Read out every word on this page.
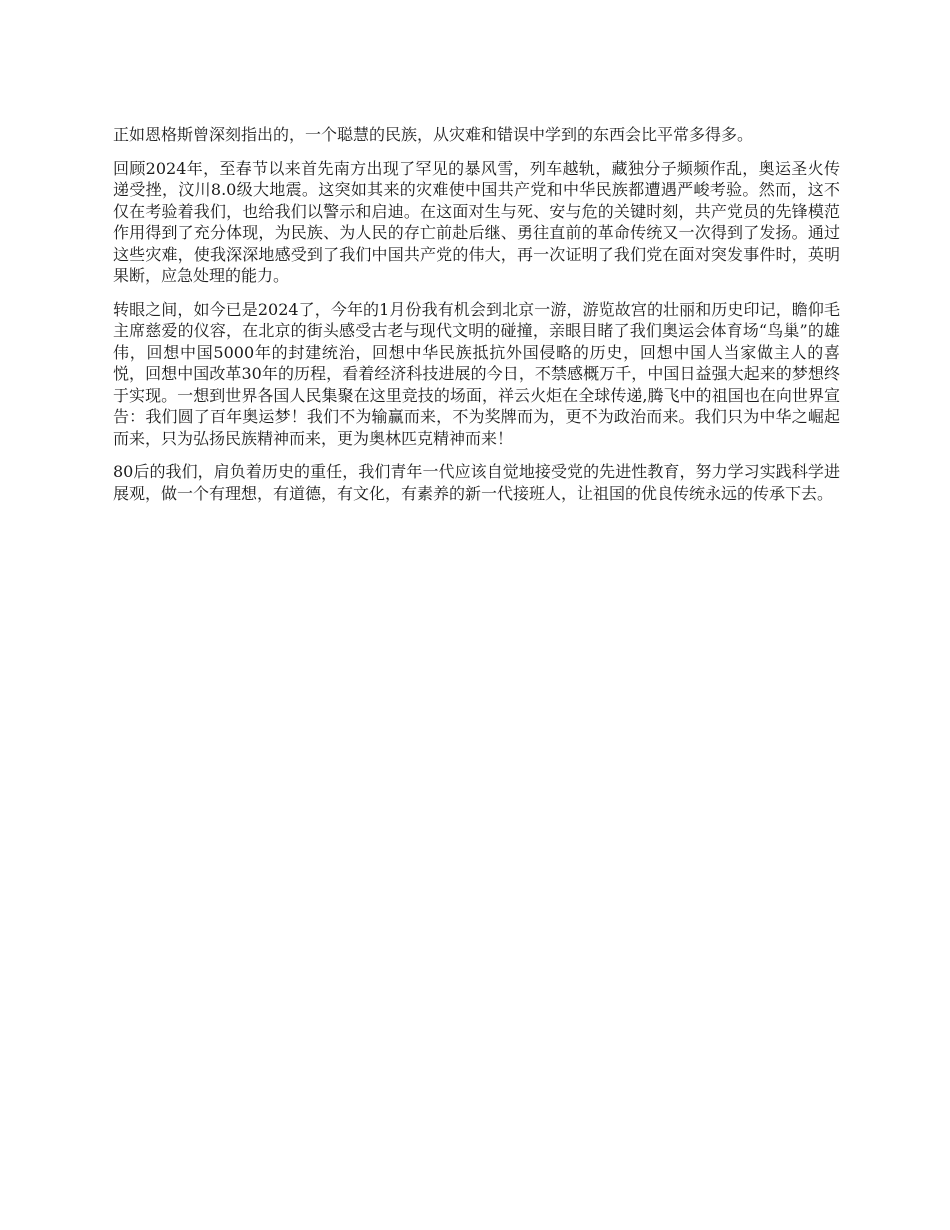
正如恩格斯曾深刻指出的，一个聪慧的民族，从灾难和错误中学到的东西会比平常多得多。

回顾2024年，至春节以来首先南方出现了罕见的暴风雪，列车越轨，藏独分子频频作乱，奥运圣火传递受挫，汶川8.0级大地震。这突如其来的灾难使中国共产党和中华民族都遭遇严峻考验。然而，这不仅在考验着我们，也给我们以警示和启迪。在这面对生与死、安与危的关键时刻，共产党员的先锋模范作用得到了充分体现，为民族、为人民的存亡前赴后继、勇往直前的革命传统又一次得到了发扬。通过这些灾难，使我深深地感受到了我们中国共产党的伟大，再一次证明了我们党在面对突发事件时，英明果断，应急处理的能力。

转眼之间，如今已是2024了，今年的1月份我有机会到北京一游，游览故宫的壮丽和历史印记，瞻仰毛主席慈爱的仪容，在北京的街头感受古老与现代文明的碰撞，亲眼目睹了我们奥运会体育场“鸟巢”的雄伟，回想中国5000年的封建统治，回想中华民族抵抗外国侵略的历史，回想中国人当家做主人的喜悦，回想中国改革30年的历程，看着经济科技进展的今日，不禁感概万千，中国日益强大起来的梦想终于实现。一想到世界各国人民集聚在这里竞技的场面，祥云火炬在全球传递,腾飞中的祖国也在向世界宣告：我们圆了百年奥运梦！我们不为输赢而来，不为奖牌而为，更不为政治而来。我们只为中华之崛起而来，只为弘扬民族精神而来，更为奥林匹克精神而来！

80后的我们，肩负着历史的重任，我们青年一代应该自觉地接受党的先进性教育，努力学习实践科学进展观，做一个有理想，有道德，有文化，有素养的新一代接班人，让祖国的优良传统永远的传承下去。
